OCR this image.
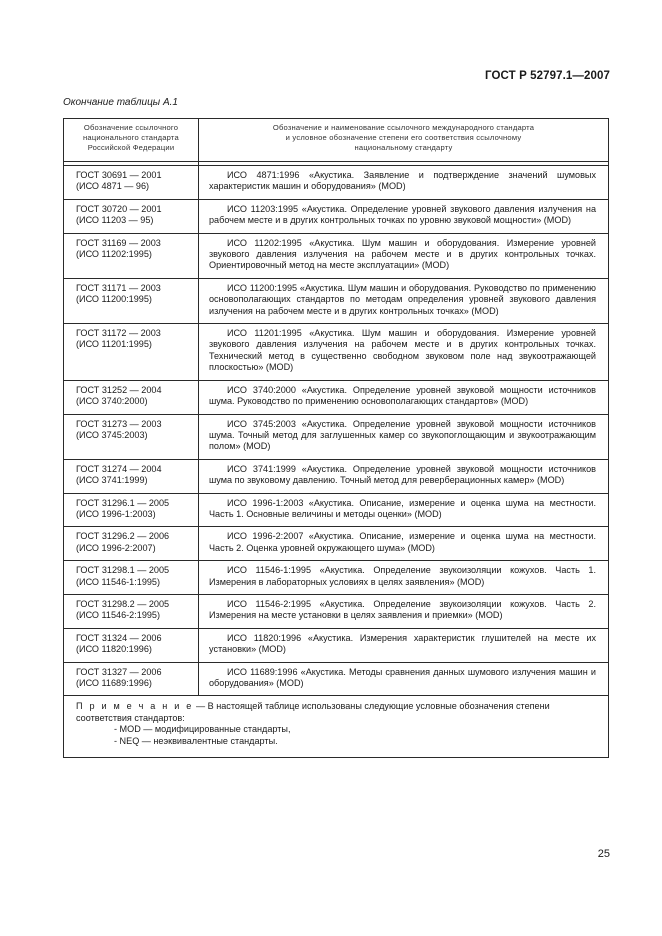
ГОСТ Р 52797.1—2007
Окончание таблицы А.1
Обозначение ссылочного
национального стандарта
Российской Федерации	Обозначение и наименование ссылочного международного стандарта
и условное обозначение степени его соответствия ссылочному
национальному стандарту

ГОСТ 30691 — 2001
(ИСО 4871 — 96)	ИСО 4871:1996 «Акустика. Заявление и подтверждение значений шумовых характеристик машин и оборудования» (MOD)

ГОСТ 30720 — 2001
(ИСО 11203 — 95)	ИСО 11203:1995 «Акустика. Определение уровней звукового давления излучения на рабочем месте и в других контрольных точках по уровню звуковой мощности» (MOD)

ГОСТ 31169 — 2003
(ИСО 11202:1995)	ИСО 11202:1995 «Акустика. Шум машин и оборудования. Измерение уровней звукового давления излучения на рабочем месте и в других контрольных точках. Ориентировочный метод на месте эксплуатации» (MOD)

ГОСТ 31171 — 2003
(ИСО 11200:1995)	ИСО 11200:1995 «Акустика. Шум машин и оборудования. Руководство по применению основополагающих стандартов по методам определения уровней звукового давления излучения на рабочем месте и в других контрольных точках» (MOD)

ГОСТ 31172 — 2003
(ИСО 11201:1995)	ИСО 11201:1995 «Акустика. Шум машин и оборудования. Измерение уровней звукового давления излучения на рабочем месте и в других контрольных точках. Технический метод в существенно свободном звуковом поле над звукоотражающей плоскостью» (MOD)

ГОСТ 31252 — 2004
(ИСО 3740:2000)	ИСО 3740:2000 «Акустика. Определение уровней звуковой мощности источников шума. Руководство по применению основополагающих стандартов» (MOD)

ГОСТ 31273 — 2003
(ИСО 3745:2003)	ИСО 3745:2003 «Акустика. Определение уровней звуковой мощности источников шума. Точный метод для заглушенных камер со звукопоглощающим и звукоотражающим полом» (MOD)

ГОСТ 31274 — 2004
(ИСО 3741:1999)	ИСО 3741:1999 «Акустика. Определение уровней звуковой мощности источников шума по звуковому давлению. Точный метод для реверберационных камер» (MOD)

ГОСТ 31296.1 — 2005
(ИСО 1996-1:2003)	ИСО 1996-1:2003 «Акустика. Описание, измерение и оценка шума на местности. Часть 1. Основные величины и методы оценки» (MOD)

ГОСТ 31296.2 — 2006
(ИСО 1996-2:2007)	ИСО 1996-2:2007 «Акустика. Описание, измерение и оценка шума на местности. Часть 2. Оценка уровней окружающего шума» (MOD)

ГОСТ 31298.1 — 2005
(ИСО 11546-1:1995)	ИСО 11546-1:1995 «Акустика. Определение звукоизоляции кожухов. Часть 1. Измерения в лабораторных условиях в целях заявления» (MOD)

ГОСТ 31298.2 — 2005
(ИСО 11546-2:1995)	ИСО 11546-2:1995 «Акустика. Определение звукоизоляции кожухов. Часть 2. Измерения на месте установки в целях заявления и приемки» (MOD)

ГОСТ 31324 — 2006
(ИСО 11820:1996)	ИСО 11820:1996 «Акустика. Измерения характеристик глушителей на месте их установки» (MOD)

ГОСТ 31327 — 2006
(ИСО 11689:1996)	ИСО 11689:1996 «Акустика. Методы сравнения данных шумового излучения машин и оборудования» (MOD)

П р и м е ч а н и е — В настоящей таблице использованы следующие условные обозначения степени соответствия стандартов:
- MOD — модифицированные стандарты,
- NEQ — неэквивалентные стандарты.	
25
